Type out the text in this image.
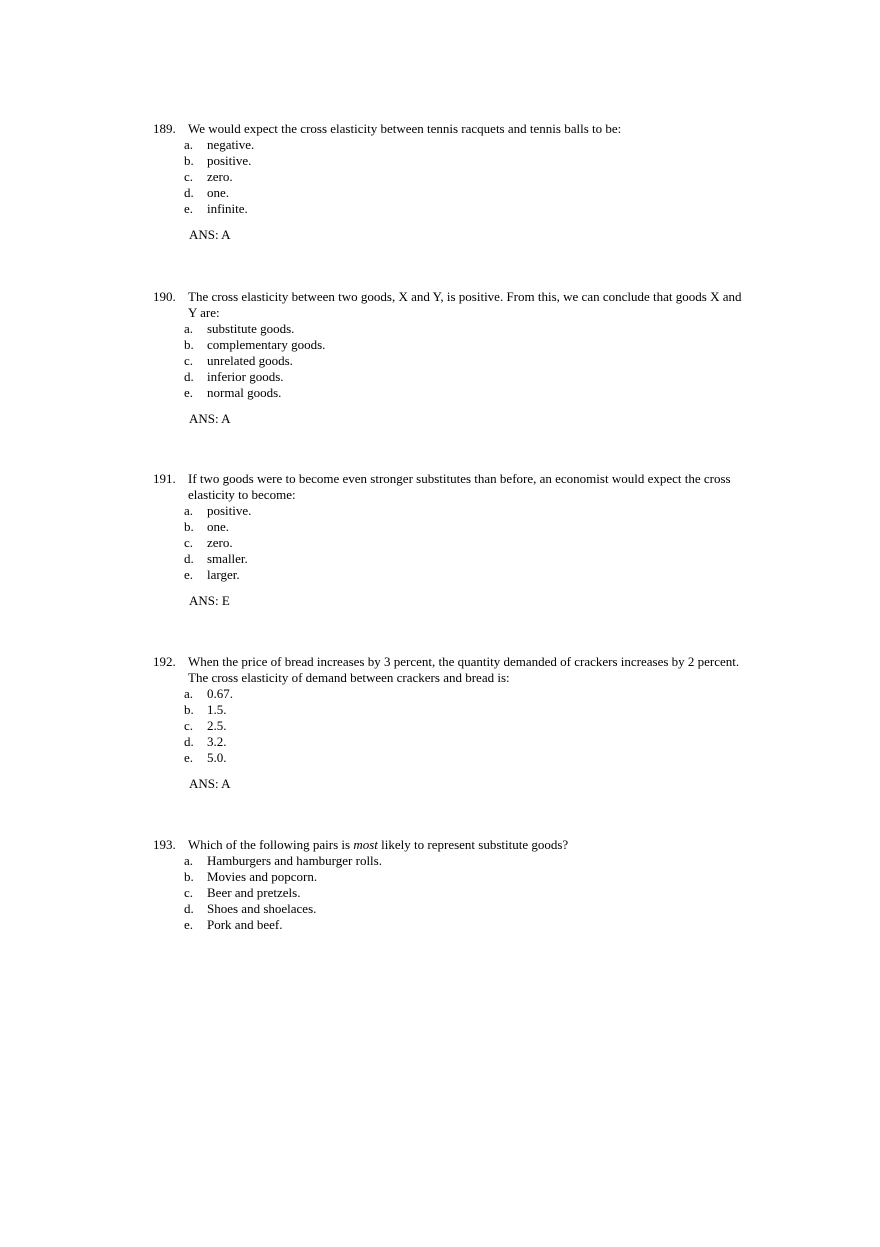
189. We would expect the cross elasticity between tennis racquets and tennis balls to be:
a.	negative.
b.	positive.
c.	zero.
d.	one.
e.	infinite.
ANS: A
190. The cross elasticity between two goods, X and Y, is positive. From this, we can conclude that goods X and Y are:
a.	substitute goods.
b.	complementary goods.
c.	unrelated goods.
d.	inferior goods.
e.	normal goods.
ANS: A
191. If two goods were to become even stronger substitutes than before, an economist would expect the cross elasticity to become:
a.	positive.
b.	one.
c.	zero.
d.	smaller.
e.	larger.
ANS: E
192. When the price of bread increases by 3 percent, the quantity demanded of crackers increases by 2 percent. The cross elasticity of demand between crackers and bread is:
a.	0.67.
b.	1.5.
c.	2.5.
d.	3.2.
e.	5.0.
ANS: A
193. Which of the following pairs is most likely to represent substitute goods?
a.	Hamburgers and hamburger rolls.
b.	Movies and popcorn.
c.	Beer and pretzels.
d.	Shoes and shoelaces.
e.	Pork and beef.
